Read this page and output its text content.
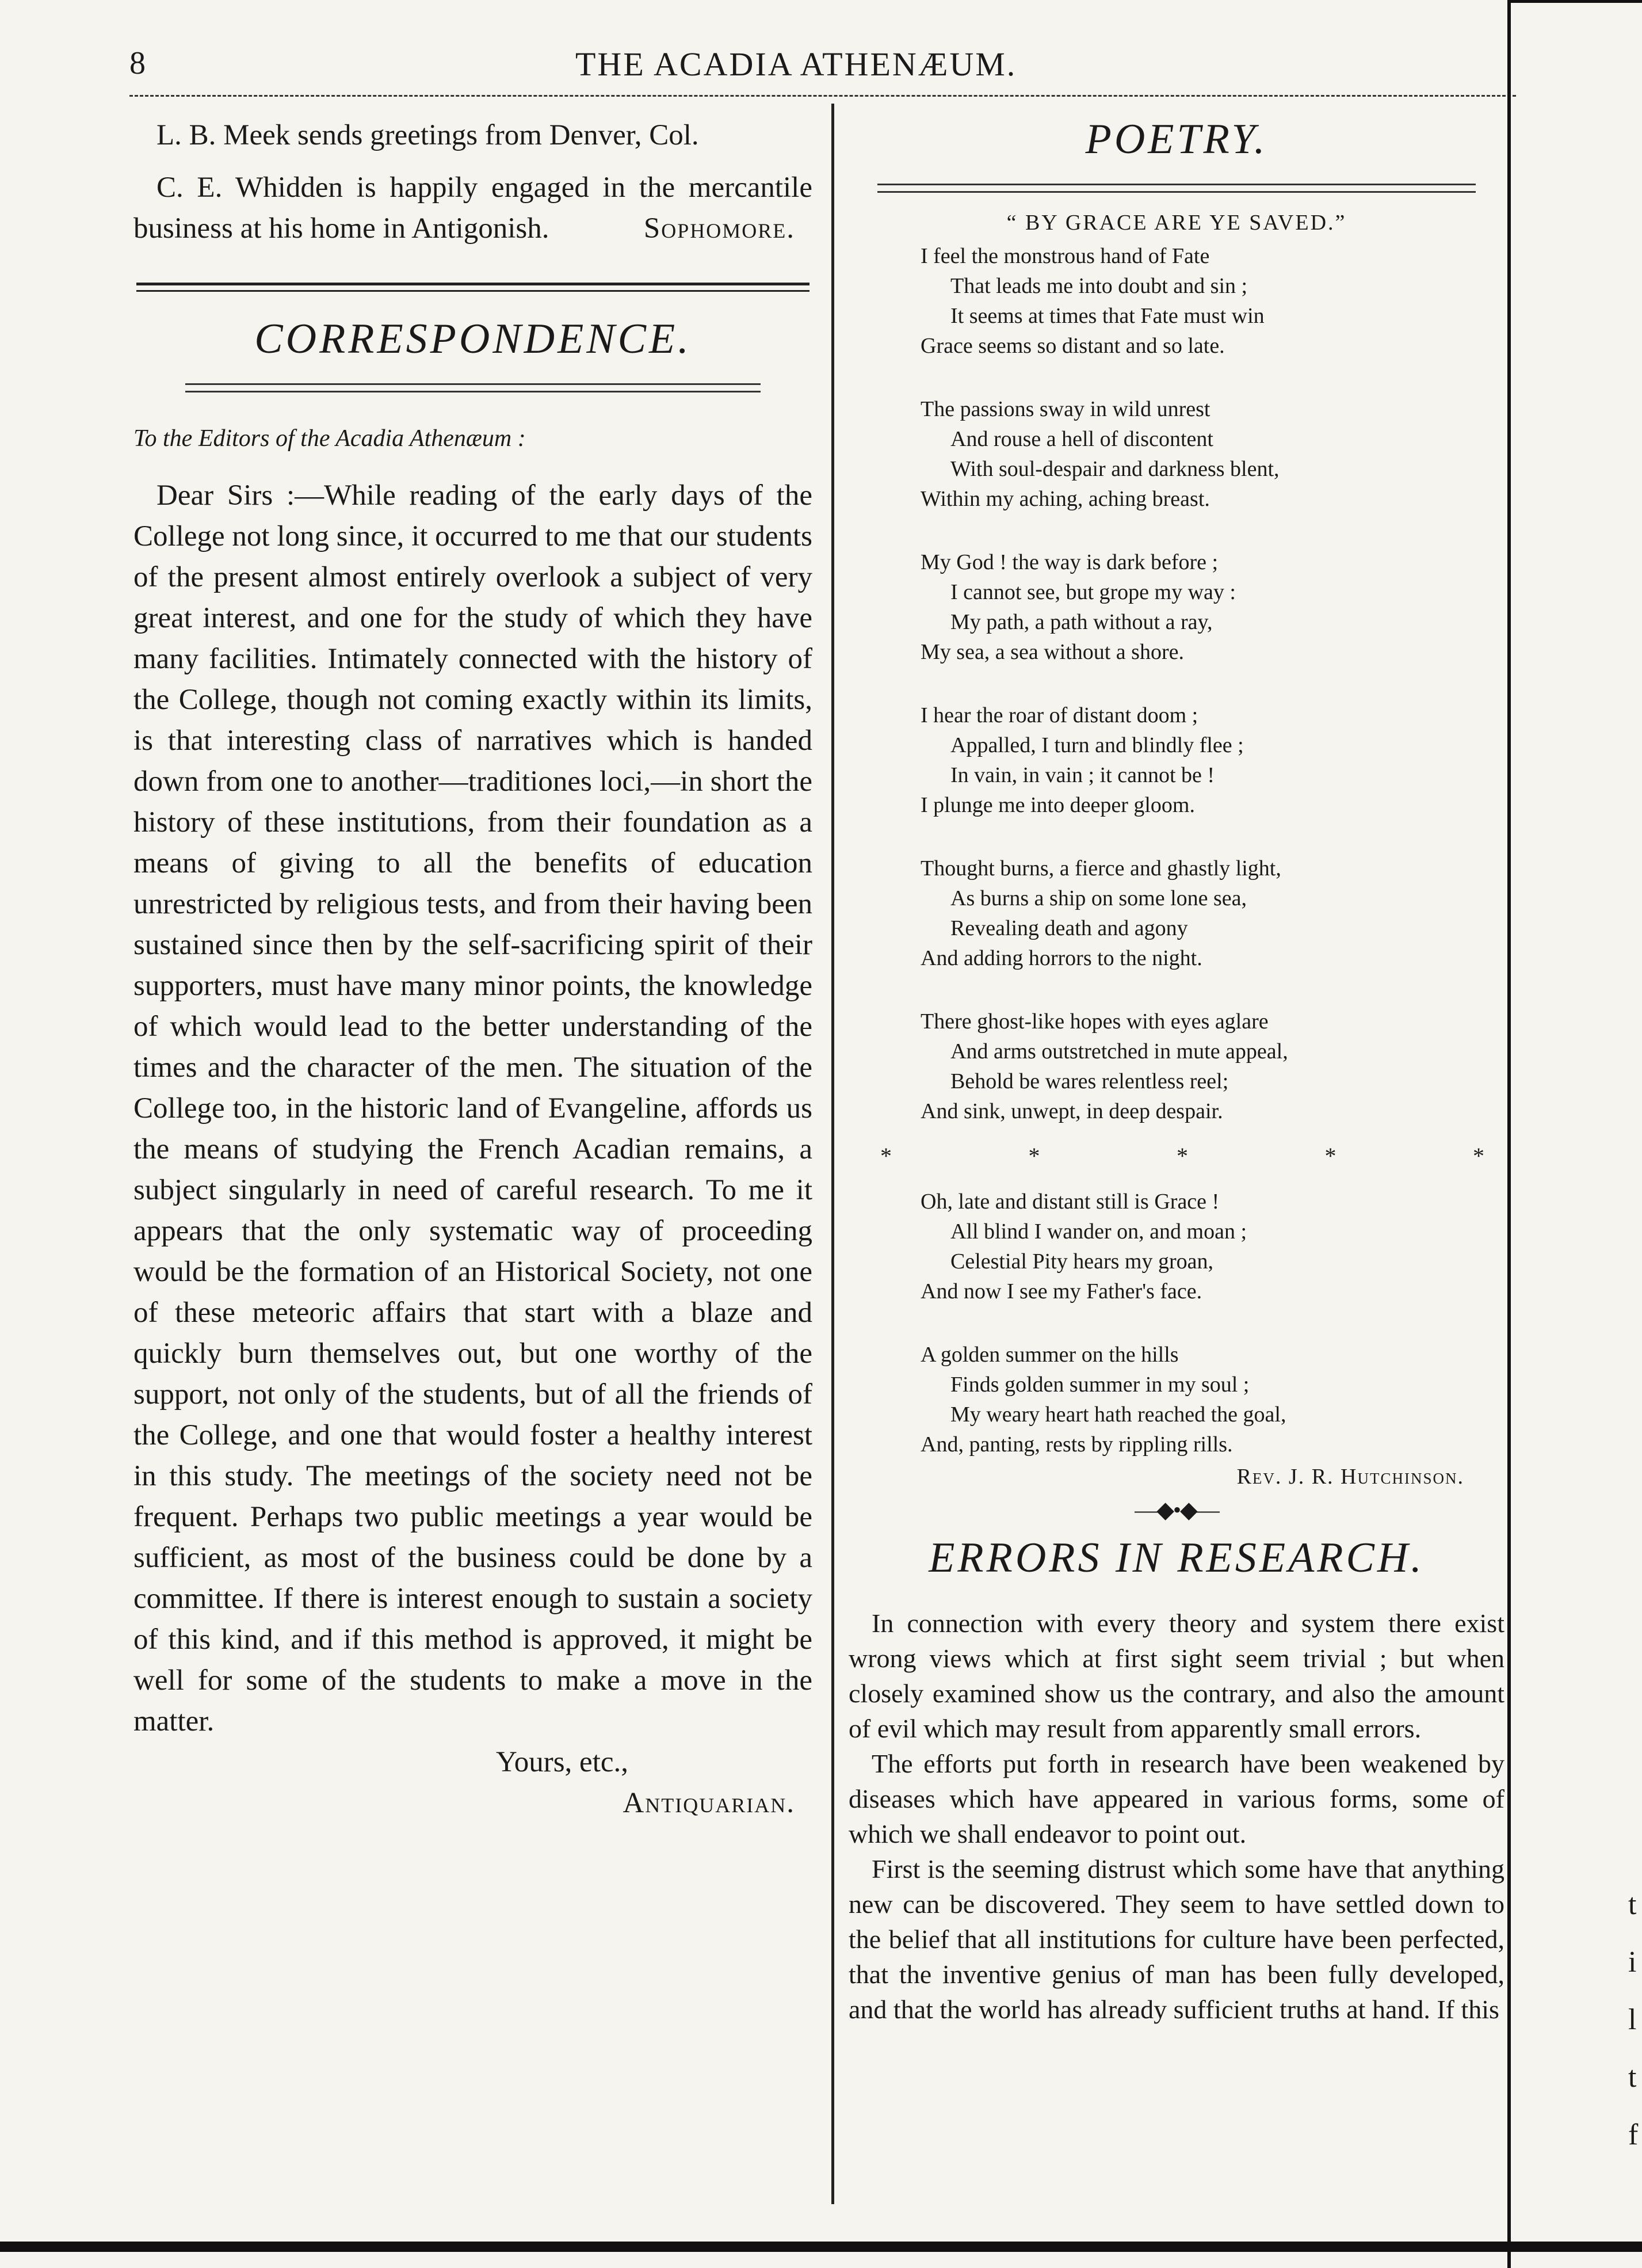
8	THE ACADIA ATHENÆUM.
t
i
l
t
f

L. B. Meek sends greetings from Denver, Col.

C. E. Whidden is happily engaged in the mercantile business at his home in Antigonish.	Sophomore.

CORRESPONDENCE.

To the Editors of the Acadia Athenæum :

Dear Sirs :—While reading of the early days of the College not long since, it occurred to me that our students of the present almost entirely overlook a subject of very great interest, and one for the study of which they have many facilities. Intimately connected with the history of the College, though not coming exactly within its limits, is that interesting class of narratives which is handed down from one to another—traditiones loci,—in short the history of these institutions, from their foundation as a means of giving to all the benefits of education unrestricted by religious tests, and from their having been sustained since then by the self-sacrificing spirit of their supporters, must have many minor points, the knowledge of which would lead to the better understanding of the times and the character of the men. The situation of the College too, in the historic land of Evangeline, affords us the means of studying the French Acadian remains, a subject singularly in need of careful research. To me it appears that the only systematic way of proceeding would be the formation of an Historical Society, not one of these meteoric affairs that start with a blaze and quickly burn themselves out, but one worthy of the support, not only of the students, but of all the friends of the College, and one that would foster a healthy interest in this study. The meetings of the society need not be frequent. Perhaps two public meetings a year would be sufficient, as most of the business could be done by a committee. If there is interest enough to sustain a society of this kind, and if this method is approved, it might be well for some of the students to make a move in the matter.

Yours, etc.,

Antiquarian.

POETRY.
“ BY GRACE ARE YE SAVED.”
I feel the monstrous hand of Fate
That leads me into doubt and sin ;
It seems at times that Fate must win
Grace seems so distant and so late.
The passions sway in wild unrest
And rouse a hell of discontent
With soul-despair and darkness blent,
Within my aching, aching breast.
My God ! the way is dark before ;
I cannot see, but grope my way :
My path, a path without a ray,
My sea, a sea without a shore.
I hear the roar of distant doom ;
Appalled, I turn and blindly flee ;
In vain, in vain ; it cannot be !
I plunge me into deeper gloom.
Thought burns, a fierce and ghastly light,
As burns a ship on some lone sea,
Revealing death and agony
And adding horrors to the night.
There ghost-like hopes with eyes aglare
And arms outstretched in mute appeal,
Behold be wares relentless reel;
And sink, unwept, in deep despair.
*	*	*	*	*
Oh, late and distant still is Grace !
All blind I wander on, and moan ;
Celestial Pity hears my groan,
And now I see my Father's face.
A golden summer on the hills
Finds golden summer in my soul ;
My weary heart hath reached the goal,
And, panting, rests by rippling rills.
Rev. J. R. Hutchinson.
—◆•◆—
ERRORS IN RESEARCH.

In connection with every theory and system there exist wrong views which at first sight seem trivial ; but when closely examined show us the contrary, and also the amount of evil which may result from apparently small errors.

The efforts put forth in research have been weakened by diseases which have appeared in various forms, some of which we shall endeavor to point out.

First is the seeming distrust which some have that anything new can be discovered. They seem to have settled down to the belief that all institutions for culture have been perfected, that the inventive genius of man has been fully developed, and that the world has already sufficient truths at hand. If this
